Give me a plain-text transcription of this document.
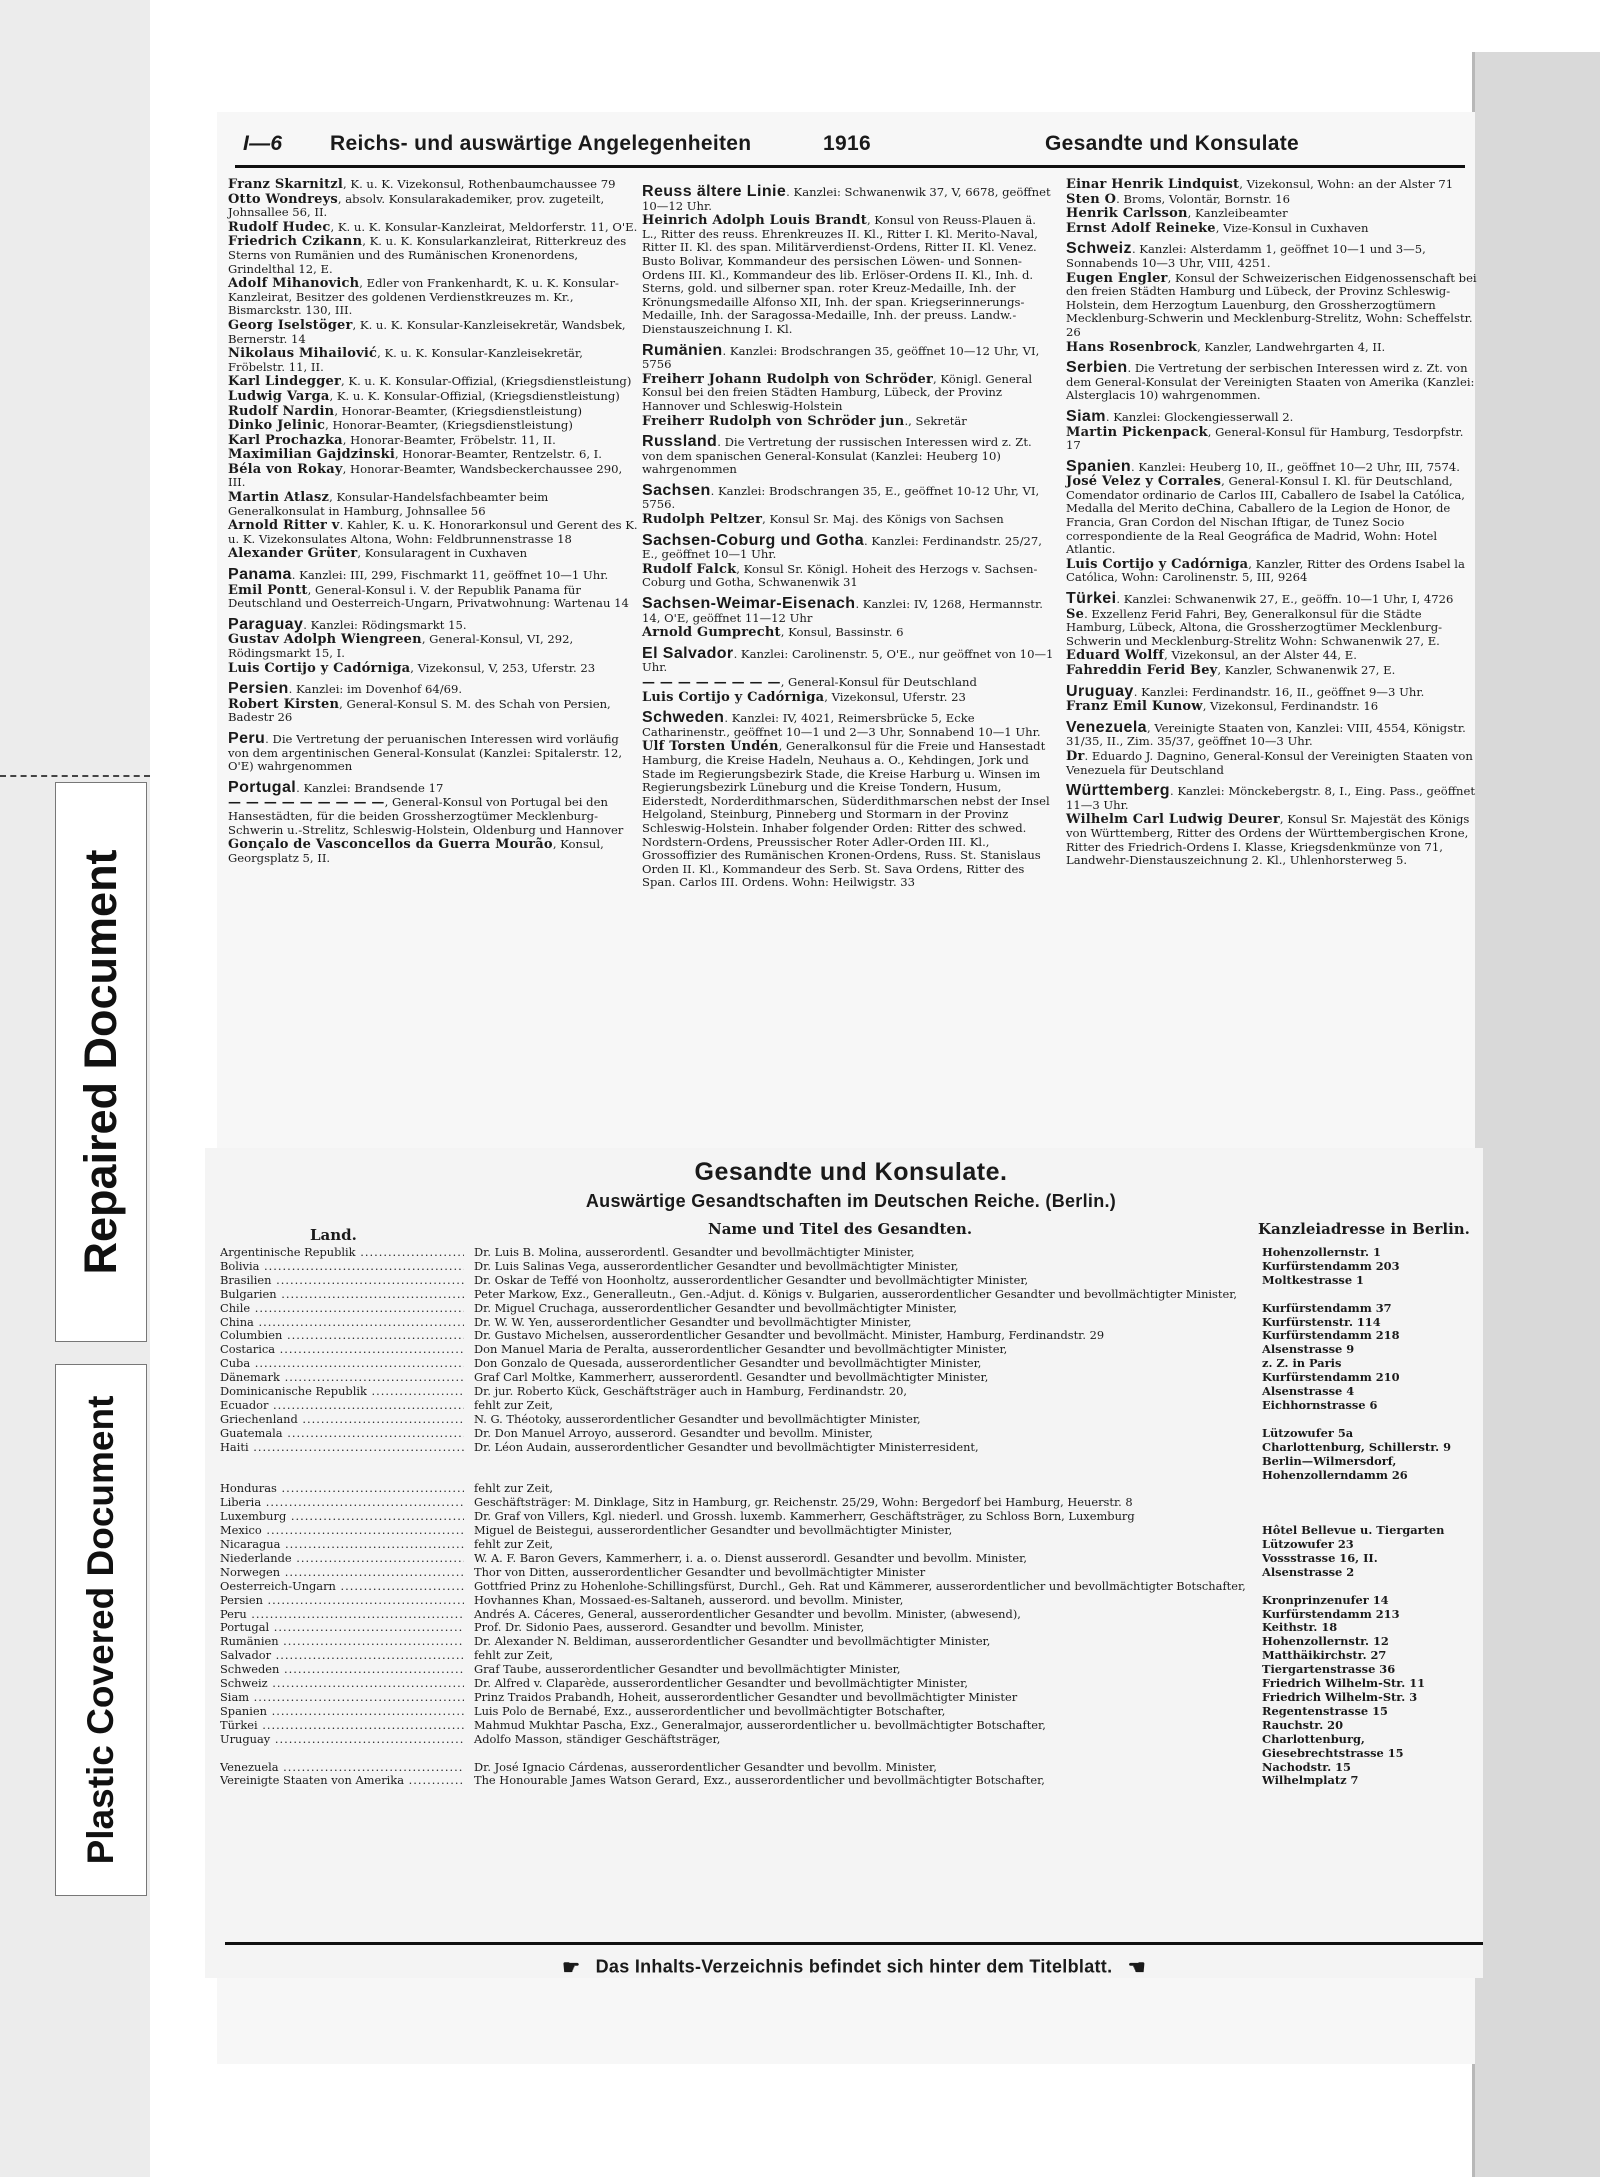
Repaired Document
Plastic Covered Document
I—6 Reichs- und auswärtige Angelegenheiten	1916	Gesandte und Konsulate
Franz Skarnitzl, K. u. K. Vizekonsul, Rothenbaumchaussee 79
Otto Wondreys, absolv. Konsularakademiker, prov. zugeteilt, Johnsallee 56, II.
Rudolf Hudec, K. u. K. Konsular-Kanzleirat, Meldorferstr. 11, O'E.
Friedrich Czikann, K. u. K. Konsularkanzleirat, Ritterkreuz des Sterns von Rumänien und des Rumänischen Kronenordens, Grindelthal 12, E.
Adolf Mihanovich, Edler von Frankenhardt, K. u. K. Konsular-Kanzleirat, Besitzer des goldenen Verdienstkreuzes m. Kr., Bismarckstr. 130, III.
Georg Iselstöger, K. u. K. Konsular-Kanzleisekretär, Wandsbek, Bernerstr. 14
Nikolaus Mihailović, K. u. K. Konsular-Kanzleisekretär, Fröbelstr. 11, II.
Karl Lindegger, K. u. K. Konsular-Offizial, (Kriegsdienstleistung)
Ludwig Varga, K. u. K. Konsular-Offizial, (Kriegsdienstleistung)
Rudolf Nardin, Honorar-Beamter, (Kriegsdienstleistung)
Dinko Jelinic, Honorar-Beamter, (Kriegsdienstleistung)
Karl Prochazka, Honorar-Beamter, Fröbelstr. 11, II.
Maximilian Gajdzinski, Honorar-Beamter, Rentzelstr. 6, I.
Béla von Rokay, Honorar-Beamter, Wandsbeckerchaussee 290, III.
Martin Atlasz, Konsular-Handelsfachbeamter beim Generalkonsulat in Hamburg, Johnsallee 56
Arnold Ritter v. Kahler, K. u. K. Honorarkonsul und Gerent des K. u. K. Vizekonsulates Altona, Wohn: Feldbrunnenstrasse 18
Alexander Grüter, Konsularagent in Cuxhaven
Panama. Kanzlei: III, 299, Fischmarkt 11, geöffnet 10—1 Uhr.
Emil Pontt, General-Konsul i. V. der Republik Panama für Deutschland und Oesterreich-Ungarn, Privatwohnung: Wartenau 14
Paraguay. Kanzlei: Rödingsmarkt 15.
Gustav Adolph Wiengreen, General-Konsul, VI, 292, Rödingsmarkt 15, I.
Luis Cortijo y Cadórniga, Vizekonsul, V, 253, Uferstr. 23
Persien. Kanzlei: im Dovenhof 64/69.
Robert Kirsten, General-Konsul S. M. des Schah von Persien, Badestr 26
Peru. Die Vertretung der peruanischen Interessen wird vorläufig von dem argentinischen General-Konsulat (Kanzlei: Spitalerstr. 12, O'E) wahrgenommen
Portugal. Kanzlei: Brandsende 17
— — — — — — — — —, General-Konsul von Portugal bei den Hansestädten, für die beiden Grossherzogtümer Mecklenburg-Schwerin u.-Strelitz, Schleswig-Holstein, Oldenburg und Hannover
Gonçalo de Vasconcellos da Guerra Mourão, Konsul, Georgsplatz 5, II.
Reuss ältere Linie. Kanzlei: Schwanenwik 37, V, 6678, geöffnet 10—12 Uhr.
Heinrich Adolph Louis Brandt, Konsul von Reuss-Plauen ä. L., Ritter des reuss. Ehrenkreuzes II. Kl., Ritter I. Kl. Merito-Naval, Ritter II. Kl. des span. Militärverdienst-Ordens, Ritter II. Kl. Venez. Busto Bolivar, Kommandeur des persischen Löwen- und Sonnen-Ordens III. Kl., Kommandeur des lib. Erlöser-Ordens II. Kl., Inh. d. Sterns, gold. und silberner span. roter Kreuz-Medaille, Inh. der Krönungsmedaille Alfonso XII, Inh. der span. Kriegserinnerungs-Medaille, Inh. der Saragossa-Medaille, Inh. der preuss. Landw.-Dienstauszeichnung I. Kl.
Rumänien. Kanzlei: Brodschrangen 35, geöffnet 10—12 Uhr, VI, 5756
Freiherr Johann Rudolph von Schröder, Königl. General Konsul bei den freien Städten Hamburg, Lübeck, der Provinz Hannover und Schleswig-Holstein
Freiherr Rudolph von Schröder jun., Sekretär
Russland. Die Vertretung der russischen Interessen wird z. Zt. von dem spanischen General-Konsulat (Kanzlei: Heuberg 10) wahrgenommen
Sachsen. Kanzlei: Brodschrangen 35, E., geöffnet 10-12 Uhr, VI, 5756.
Rudolph Peltzer, Konsul Sr. Maj. des Königs von Sachsen
Sachsen-Coburg und Gotha. Kanzlei: Ferdinandstr. 25/27, E., geöffnet 10—1 Uhr.
Rudolf Falck, Konsul Sr. Königl. Hoheit des Herzogs v. Sachsen-Coburg und Gotha, Schwanenwik 31
Sachsen-Weimar-Eisenach. Kanzlei: IV, 1268, Hermannstr. 14, O'E, geöffnet 11—12 Uhr
Arnold Gumprecht, Konsul, Bassinstr. 6
El Salvador. Kanzlei: Carolinenstr. 5, O'E., nur geöffnet von 10—1 Uhr.
— — — — — — — —, General-Konsul für Deutschland
Luis Cortijo y Cadórniga, Vizekonsul, Uferstr. 23
Schweden. Kanzlei: IV, 4021, Reimersbrücke 5, Ecke Catharinenstr., geöffnet 10—1 und 2—3 Uhr, Sonnabend 10—1 Uhr.
Ulf Torsten Undén, Generalkonsul für die Freie und Hansestadt Hamburg, die Kreise Hadeln, Neuhaus a. O., Kehdingen, Jork und Stade im Regierungsbezirk Stade, die Kreise Harburg u. Winsen im Regierungsbezirk Lüneburg und die Kreise Tondern, Husum, Eiderstedt, Norderdithmarschen, Süderdithmarschen nebst der Insel Helgoland, Steinburg, Pinneberg und Stormarn in der Provinz Schleswig-Holstein. Inhaber folgender Orden: Ritter des schwed. Nordstern-Ordens, Preussischer Roter Adler-Orden III. Kl., Grossoffizier des Rumänischen Kronen-Ordens, Russ. St. Stanislaus Orden II. Kl., Kommandeur des Serb. St. Sava Ordens, Ritter des Span. Carlos III. Ordens. Wohn: Heilwigstr. 33
Einar Henrik Lindquist, Vizekonsul, Wohn: an der Alster 71
Sten O. Broms, Volontär, Bornstr. 16
Henrik Carlsson, Kanzleibeamter
Ernst Adolf Reineke, Vize-Konsul in Cuxhaven
Schweiz. Kanzlei: Alsterdamm 1, geöffnet 10—1 und 3—5, Sonnabends 10—3 Uhr, VIII, 4251.
Eugen Engler, Konsul der Schweizerischen Eidgenossenschaft bei den freien Städten Hamburg und Lübeck, der Provinz Schleswig-Holstein, dem Herzogtum Lauenburg, den Grossherzogtümern Mecklenburg-Schwerin und Mecklenburg-Strelitz, Wohn: Scheffelstr. 26
Hans Rosenbrock, Kanzler, Landwehrgarten 4, II.
Serbien. Die Vertretung der serbischen Interessen wird z. Zt. von dem General-Konsulat der Vereinigten Staaten von Amerika (Kanzlei: Alsterglacis 10) wahrgenommen.
Siam. Kanzlei: Glockengiesserwall 2.
Martin Pickenpack, General-Konsul für Hamburg, Tesdorpfstr. 17
Spanien. Kanzlei: Heuberg 10, II., geöffnet 10—2 Uhr, III, 7574.
José Velez y Corrales, General-Konsul I. Kl. für Deutschland, Comendator ordinario de Carlos III, Caballero de Isabel la Católica, Medalla del Merito deChina, Caballero de la Legion de Honor, de Francia, Gran Cordon del Nischan Iftigar, de Tunez Socio correspondiente de la Real Geográfica de Madrid, Wohn: Hotel Atlantic.
Luis Cortijo y Cadórniga, Kanzler, Ritter des Ordens Isabel la Católica, Wohn: Carolinenstr. 5, III, 9264
Türkei. Kanzlei: Schwanenwik 27, E., geöffn. 10—1 Uhr, I, 4726
Se. Exzellenz Ferid Fahri, Bey, Generalkonsul für die Städte Hamburg, Lübeck, Altona, die Grossherzogtümer Mecklenburg-Schwerin und Mecklenburg-Strelitz Wohn: Schwanenwik 27, E.
Eduard Wolff, Vizekonsul, an der Alster 44, E.
Fahreddin Ferid Bey, Kanzler, Schwanenwik 27, E.
Uruguay. Kanzlei: Ferdinandstr. 16, II., geöffnet 9—3 Uhr.
Franz Emil Kunow, Vizekonsul, Ferdinandstr. 16
Venezuela, Vereinigte Staaten von, Kanzlei: VIII, 4554, Königstr. 31/35, II., Zim. 35/37, geöffnet 10—3 Uhr.
Dr. Eduardo J. Dagnino, General-Konsul der Vereinigten Staaten von Venezuela für Deutschland
Württemberg. Kanzlei: Mönckebergstr. 8, I., Eing. Pass., geöffnet 11—3 Uhr.
Wilhelm Carl Ludwig Deurer, Konsul Sr. Majestät des Königs von Württemberg, Ritter des Ordens der Württembergischen Krone, Ritter des Friedrich-Ordens I. Klasse, Kriegsdenkmünze von 71, Landwehr-Dienstauszeichnung 2. Kl., Uhlenhorsterweg 5.
Gesandte und Konsulate.
Auswärtige Gesandtschaften im Deutschen Reiche. (Berlin.)
Land.	Name und Titel des Gesandten.	Kanzleiadresse in Berlin.
Argentinische Republik .....	Dr. Luis B. Molina, ausserordentl. Gesandter und bevollmächtigter Minister,	Hohenzollernstr. 1
Bolivia .....	Dr. Luis Salinas Vega, ausserordentlicher Gesandter und bevollmächtigter Minister,	Kurfürstendamm 203
Brasilien .....	Dr. Oskar de Teffé von Hoonholtz, ausserordentlicher Gesandter und bevollmächtigter Minister,	Moltkestrasse 1
Bulgarien .....	Peter Markow, Exz., Generalleutn., Gen.-Adjut. d. Königs v. Bulgarien, ausserordentlicher Gesandter und bevollmächtigter Minister,
Chile .....	Dr. Miguel Cruchaga, ausserordentlicher Gesandter und bevollmächtigter Minister,	Kurfürstendamm 37
China .....	Dr. W. W. Yen, ausserordentlicher Gesandter und bevollmächtigter Minister,	Kurfürstenstr. 114
Columbien .....	Dr. Gustavo Michelsen, ausserordentlicher Gesandter und bevollmächt. Minister, Hamburg, Ferdinandstr. 29	Kurfürstendamm 218
Costarica .....	Don Manuel Maria de Peralta, ausserordentlicher Gesandter und bevollmächtigter Minister,	Alsenstrasse 9
Cuba .....	Don Gonzalo de Quesada, ausserordentlicher Gesandter und bevollmächtigter Minister,	z. Z. in Paris
Dänemark .....	Graf Carl Moltke, Kammerherr, ausserordentl. Gesandter und bevollmächtigter Minister,	Kurfürstendamm 210
Dominicanische Republik .....	Dr. jur. Roberto Kück, Geschäftsträger auch in Hamburg, Ferdinandstr. 20,	Alsenstrasse 4
Ecuador .....	fehlt zur Zeit,	Eichhornstrasse 6
Griechenland .....	N. G. Théotoky, ausserordentlicher Gesandter und bevollmächtigter Minister,
Guatemala .....	Dr. Don Manuel Arroyo, ausserord. Gesandter und bevollm. Minister,	Lützowufer 5a
Haiti .....	Dr. Léon Audain, ausserordentlicher Gesandter und bevollmächtigter Ministerresident,	Charlottenburg, Schillerstr. 9
Berlin—Wilmersdorf, Hohenzollerndamm 26
Honduras .....	fehlt zur Zeit,
Liberia .....	Geschäftsträger: M. Dinklage, Sitz in Hamburg, gr. Reichenstr. 25/29, Wohn: Bergedorf bei Hamburg, Heuerstr. 8
Luxemburg .....	Dr. Graf von Villers, Kgl. niederl. und Grossh. luxemb. Kammerherr, Geschäftsträger, zu Schloss Born, Luxemburg
Mexico .....	Miguel de Beistegui, ausserordentlicher Gesandter und bevollmächtigter Minister,	Hôtel Bellevue u. Tiergarten
Nicaragua .....	fehlt zur Zeit,	Lützowufer 23
Niederlande .....	W. A. F. Baron Gevers, Kammerherr, i. a. o. Dienst ausserordl. Gesandter und bevollm. Minister,	Vossstrasse 16, II.
Norwegen .....	Thor von Ditten, ausserordentlicher Gesandter und bevollmächtigter Minister	Alsenstrasse 2
Oesterreich-Ungarn .....	Gottfried Prinz zu Hohenlohe-Schillingsfürst, Durchl., Geh. Rat und Kämmerer, ausserordentlicher und bevollmächtigter Botschafter,
Persien .....	Hovhannes Khan, Mossaed-es-Saltaneh, ausserord. und bevollm. Minister,	Kronprinzenufer 14
Peru .....	Andrés A. Cáceres, General, ausserordentlicher Gesandter und bevollm. Minister, (abwesend),	Kurfürstendamm 213
Portugal .....	Prof. Dr. Sidonio Paes, ausserord. Gesandter und bevollm. Minister,	Keithstr. 18
Rumänien .....	Dr. Alexander N. Beldiman, ausserordentlicher Gesandter und bevollmächtigter Minister,	Hohenzollernstr. 12
Salvador .....	fehlt zur Zeit,	Matthäikirchstr. 27
Schweden .....	Graf Taube, ausserordentlicher Gesandter und bevollmächtigter Minister,	Tiergartenstrasse 36
Schweiz .....	Dr. Alfred v. Claparède, ausserordentlicher Gesandter und bevollmächtigter Minister,	Friedrich Wilhelm-Str. 11
Siam .....	Prinz Traidos Prabandh, Hoheit, ausserordentlicher Gesandter und bevollmächtigter Minister	Friedrich Wilhelm-Str. 3
Spanien .....	Luis Polo de Bernabé, Exz., ausserordentlicher und bevollmächtigter Botschafter,	Regentenstrasse 15
Türkei .....	Mahmud Mukhtar Pascha, Exz., Generalmajor, ausserordentlicher u. bevollmächtigter Botschafter,	Rauchstr. 20
Uruguay .....	Adolfo Masson, ständiger Geschäftsträger,	Charlottenburg, Giesebrechtstrasse 15
Venezuela .....	Dr. José Ignacio Cárdenas, ausserordentlicher Gesandter und bevollm. Minister,	Nachodstr. 15
Vereinigte Staaten von Amerika .....	The Honourable James Watson Gerard, Exz., ausserordentlicher und bevollmächtigter Botschafter,	Wilhelmplatz 7
☛ Das Inhalts-Verzeichnis befindet sich hinter dem Titelblatt. ☚
